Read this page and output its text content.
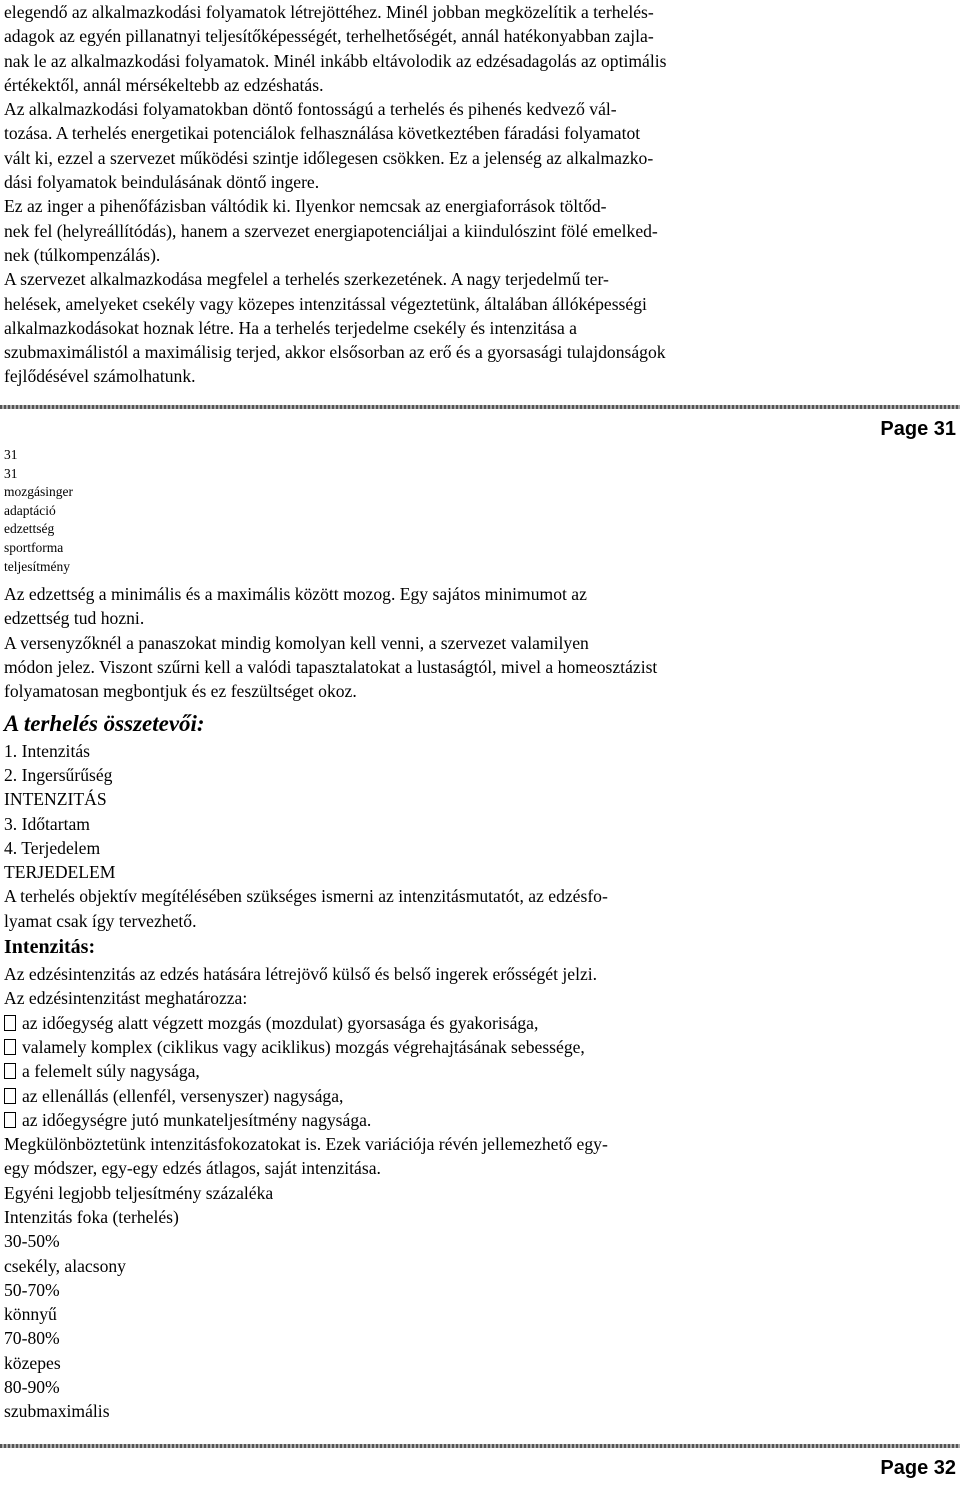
elegendő az alkalmazkodási folyamatok létrejöttéhez. Minél jobban megközelítik a terhelés-
adagok az egyén pillanatnyi teljesítőképességét, terhelhetőségét, annál hatékonyabban zajla-
nak le az alkalmazkodási folyamatok. Minél inkább eltávolodik az edzésadagolás az optimális
értékektől, annál mérsékeltebb az edzéshatás.
Az alkalmazkodási folyamatokban döntő fontosságú a terhelés és pihenés kedvező vál-
tozása. A terhelés energetikai potenciálok felhasználása következtében fáradási folyamatot
vált ki, ezzel a szervezet működési szintje időlegesen csökken. Ez a jelenség az alkalmazko-
dási folyamatok beindulásának döntő ingere.
Ez az inger a pihenőfázisban váltódik ki. Ilyenkor nemcsak az energiaforrások töltőd-
nek fel (helyreállítódás), hanem a szervezet energiapotenciáljai a kiindulószint fölé emelked-
nek (túlkompenzálás).
A szervezet alkalmazkodása megfelel a terhelés szerkezetének. A nagy terjedelmű ter-
helések, amelyeket csekély vagy közepes intenzitással végeztetünk, általában állóképességi
alkalmazkodásokat hoznak létre. Ha a terhelés terjedelme csekély és intenzitása a
szubmaximálistól a maximálisig terjed, akkor elsősorban az erő és a gyorsasági tulajdonságok
fejlődésével számolhatunk.
Page 31
31
31
mozgásinger
adaptáció
edzettség
sportforma
teljesítmény
Az edzettség a minimális és a maximális között mozog. Egy sajátos minimumot az
edzettség tud hozni.
A versenyzőknél a panaszokat mindig komolyan kell venni, a szervezet valamilyen
módon jelez. Viszont szűrni kell a valódi tapasztalatokat a lustaságtól, mivel a homeosztázist
folyamatosan megbontjuk és ez feszültséget okoz.
A terhelés összetevői:
1. Intenzitás
2. Ingersűrűség
INTENZITÁS
3. Időtartam
4. Terjedelem
TERJEDELEM
A terhelés objektív megítélésében szükséges ismerni az intenzitásmutatót, az edzésfo-
lyamat csak így tervezhető.
Intenzitás:
Az edzésintenzitás az edzés hatására létrejövő külső és belső ingerek erősségét jelzi.
Az edzésintenzitást meghatározza:
az időegység alatt végzett mozgás (mozdulat) gyorsasága és gyakorisága,
valamely komplex (ciklikus vagy aciklikus) mozgás végrehajtásának sebessége,
a felemelt súly nagysága,
az ellenállás (ellenfél, versenyszer) nagysága,
az időegységre jutó munkateljesítmény nagysága.
Megkülönböztetünk intenzitásfokozatokat is. Ezek variációja révén jellemezhető egy-
egy módszer, egy-egy edzés átlagos, saját intenzitása.
Egyéni legjobb teljesítmény százaléka
Intenzitás foka (terhelés)
30-50%
csekély, alacsony
50-70%
könnyű
70-80%
közepes
80-90%
szubmaximális
Page 32
